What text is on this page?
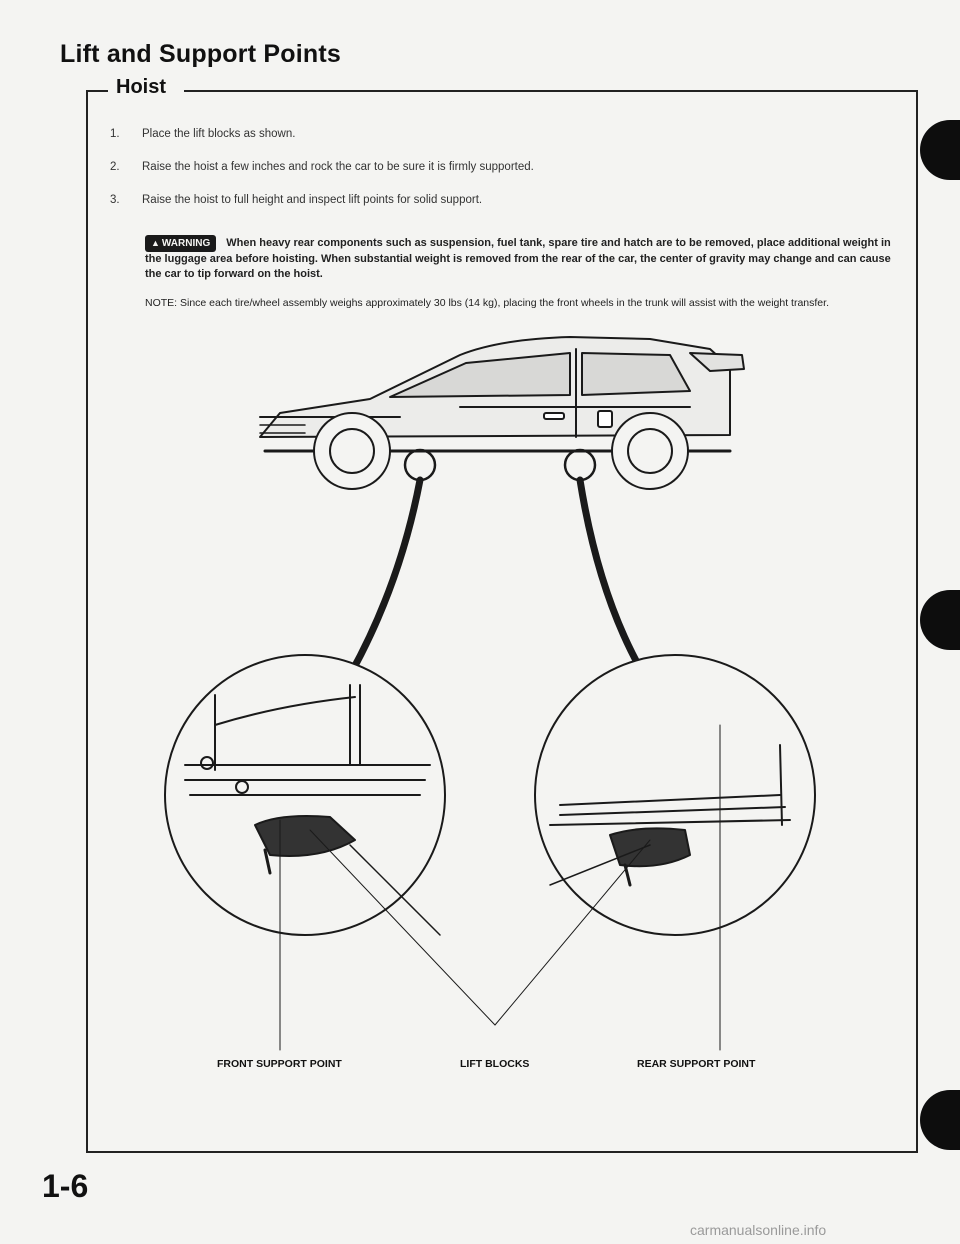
Lift and Support Points
Hoist
1.	Place the lift blocks as shown.
2.	Raise the hoist a few inches and rock the car to be sure it is firmly supported.
3.	Raise the hoist to full height and inspect lift points for solid support.
▲ WARNING When heavy rear components such as suspension, fuel tank, spare tire and hatch are to be removed, place additional weight in the luggage area before hoisting. When substantial weight is removed from the rear of the car, the center of gravity may change and can cause the car to tip forward on the hoist.
NOTE: Since each tire/wheel assembly weighs approximately 30 lbs (14 kg), placing the front wheels in the trunk will assist with the weight transfer.
FRONT SUPPORT POINT	LIFT BLOCKS	REAR SUPPORT POINT
1-6
carmanualsonline.info
